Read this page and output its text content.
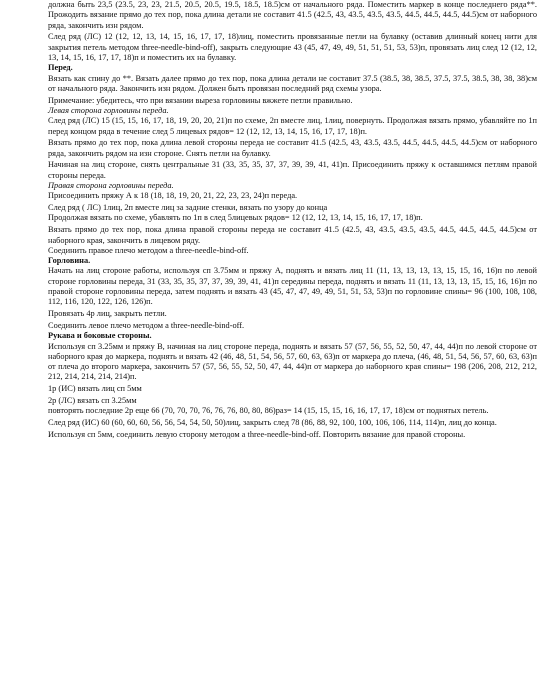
должна быть 23,5 (23.5, 23, 23, 21.5, 20.5, 20.5, 19.5, 18.5, 18.5)см от начального ряда. Поместить маркер в конце последнего ряда**. Прожодить вязание прямо до тех пор, пока длина детали не составит 41.5 (42.5, 43, 43.5, 43.5, 43.5, 44.5, 44.5, 44.5, 44.5)см от наборного ряда, закончить изн рядом.

След ряд (ЛС) 12 (12, 12, 13, 14, 15, 16, 17, 17, 18)лиц, поместить провязанные петли на булавку (оставив длинный конец нити для закрытия петель методом three-needle-bind-off), закрыть следующие 43 (45, 47, 49, 49, 51, 51, 51, 53, 53)п, провязать лиц след 12 (12, 12, 13, 14, 15, 16, 17, 17, 18)п и поместить их на булавку.

Перед.

Вязать как спину до **. Вязать далее прямо до тех пор, пока длина детали не составит 37.5 (38.5, 38, 38.5, 37.5, 37.5, 38.5, 38, 38, 38)см от начального ряда. Закончить изн рядом. Должен быть провязан последний ряд схемы узора.

Примечание: убедитесь, что при вязании выреза горловины вжжете петли правильно.

Левая сторона горловины переда.

След ряд (ЛС) 15 (15, 15, 16, 17, 18, 19, 20, 20, 21)п по схеме, 2п вместе лиц, 1лиц, повернуть. Продолжая вязать прямо, убавляйте по 1п перед концом ряда в течение след 5 лицевых рядов= 12 (12, 12, 13, 14, 15, 16, 17, 17, 18)п.

Вязать прямо до тех пор, пока длина левой стороны переда не составит 41.5 (42.5, 43, 43.5, 43.5, 44.5, 44.5, 44.5, 44.5)см от наборного ряда, закончить рядом на изн стороне. Снять петли на булавку.

Начиная на лиц стороне, снять центральные 31 (33, 35, 35, 37, 37, 39, 39, 41, 41)п. Присоединить пряжу к оставшимся петлям правой стороны переда.

Правая сторона горловины переда.

Присоединить пряжу А к 18 (18, 18, 19, 20, 21, 22, 23, 23, 24)п переда.

След ряд ( ЛС) 1лиц, 2п вместе лиц за задние стенки, вязать по узору до конца

Продолжая вязать по схеме, убавлять по 1п в след 5лицевых рядов= 12 (12, 12, 13, 14, 15, 16, 17, 17, 18)п.

Вязать прямо до тех пор, пока длина правой стороны переда не составит 41.5 (42.5, 43, 43.5, 43.5, 43.5, 44.5, 44.5, 44.5, 44.5)см от наборного края, закончить в лицевом ряду.

Соединить правое плечо методом а three-needle-bind-off.

Горловина.

Начать на лиц стороне работы, используя сп 3.75мм и пряжу А, поднять и вязать лиц 11 (11, 13, 13, 13, 13, 15, 15, 16, 16)п по левой стороне горловины переда, 31 (33, 35, 35, 37, 37, 39, 39, 41, 41)п середины переда, поднять и вязать 11 (11, 13, 13, 13, 15, 15, 16, 16)п по правой стороне горловины переда, затем поднять и вязать 43 (45, 47, 47, 49, 49, 51, 51, 53, 53)п по горловине спины= 96 (100, 108, 108, 112, 116, 120, 122, 126, 126)п.

Провязать 4р лиц, закрыть петли.

Соединить левое плечо методом a three-needle-bind-off.

Рукава и боковые стороны.

Используя сп 3.25мм и пряжу В, начиная на лиц стороне переда, поднять и вязать 57 (57, 56, 55, 52, 50, 47, 44, 44)п по левой стороне от наборного края до маркера, поднять и вязать 42 (46, 48, 51, 54, 56, 57, 60, 63, 63)п от маркера до плеча, (46, 48, 51, 54, 56, 57, 60, 63, 63)п от плеча до второго маркера, закончить 57 (57, 56, 55, 52, 50, 47, 44, 44)п от маркера до наборного края спины= 198 (206, 208, 212, 212, 212, 214, 214, 214, 214)п.

1р (ИС) вязать лиц сп 5мм

2р (ЛС) вязать сп 3.25мм

повторять последние 2р еще 66 (70, 70, 70, 76, 76, 76, 80, 80, 86)раз= 14 (15, 15, 15, 16, 16, 17, 17, 18)см от поднятых петель.

След ряд (ИС) 60 (60, 60, 60, 56, 56, 54, 54, 50, 50)лиц, закрыть след 78 (86, 88, 92, 100, 100, 106, 106, 114, 114)п, лиц до конца.

Используя сп 5мм, соединить левую сторону методом а three-needle-bind-off. Повторить вязание для правой стороны.
